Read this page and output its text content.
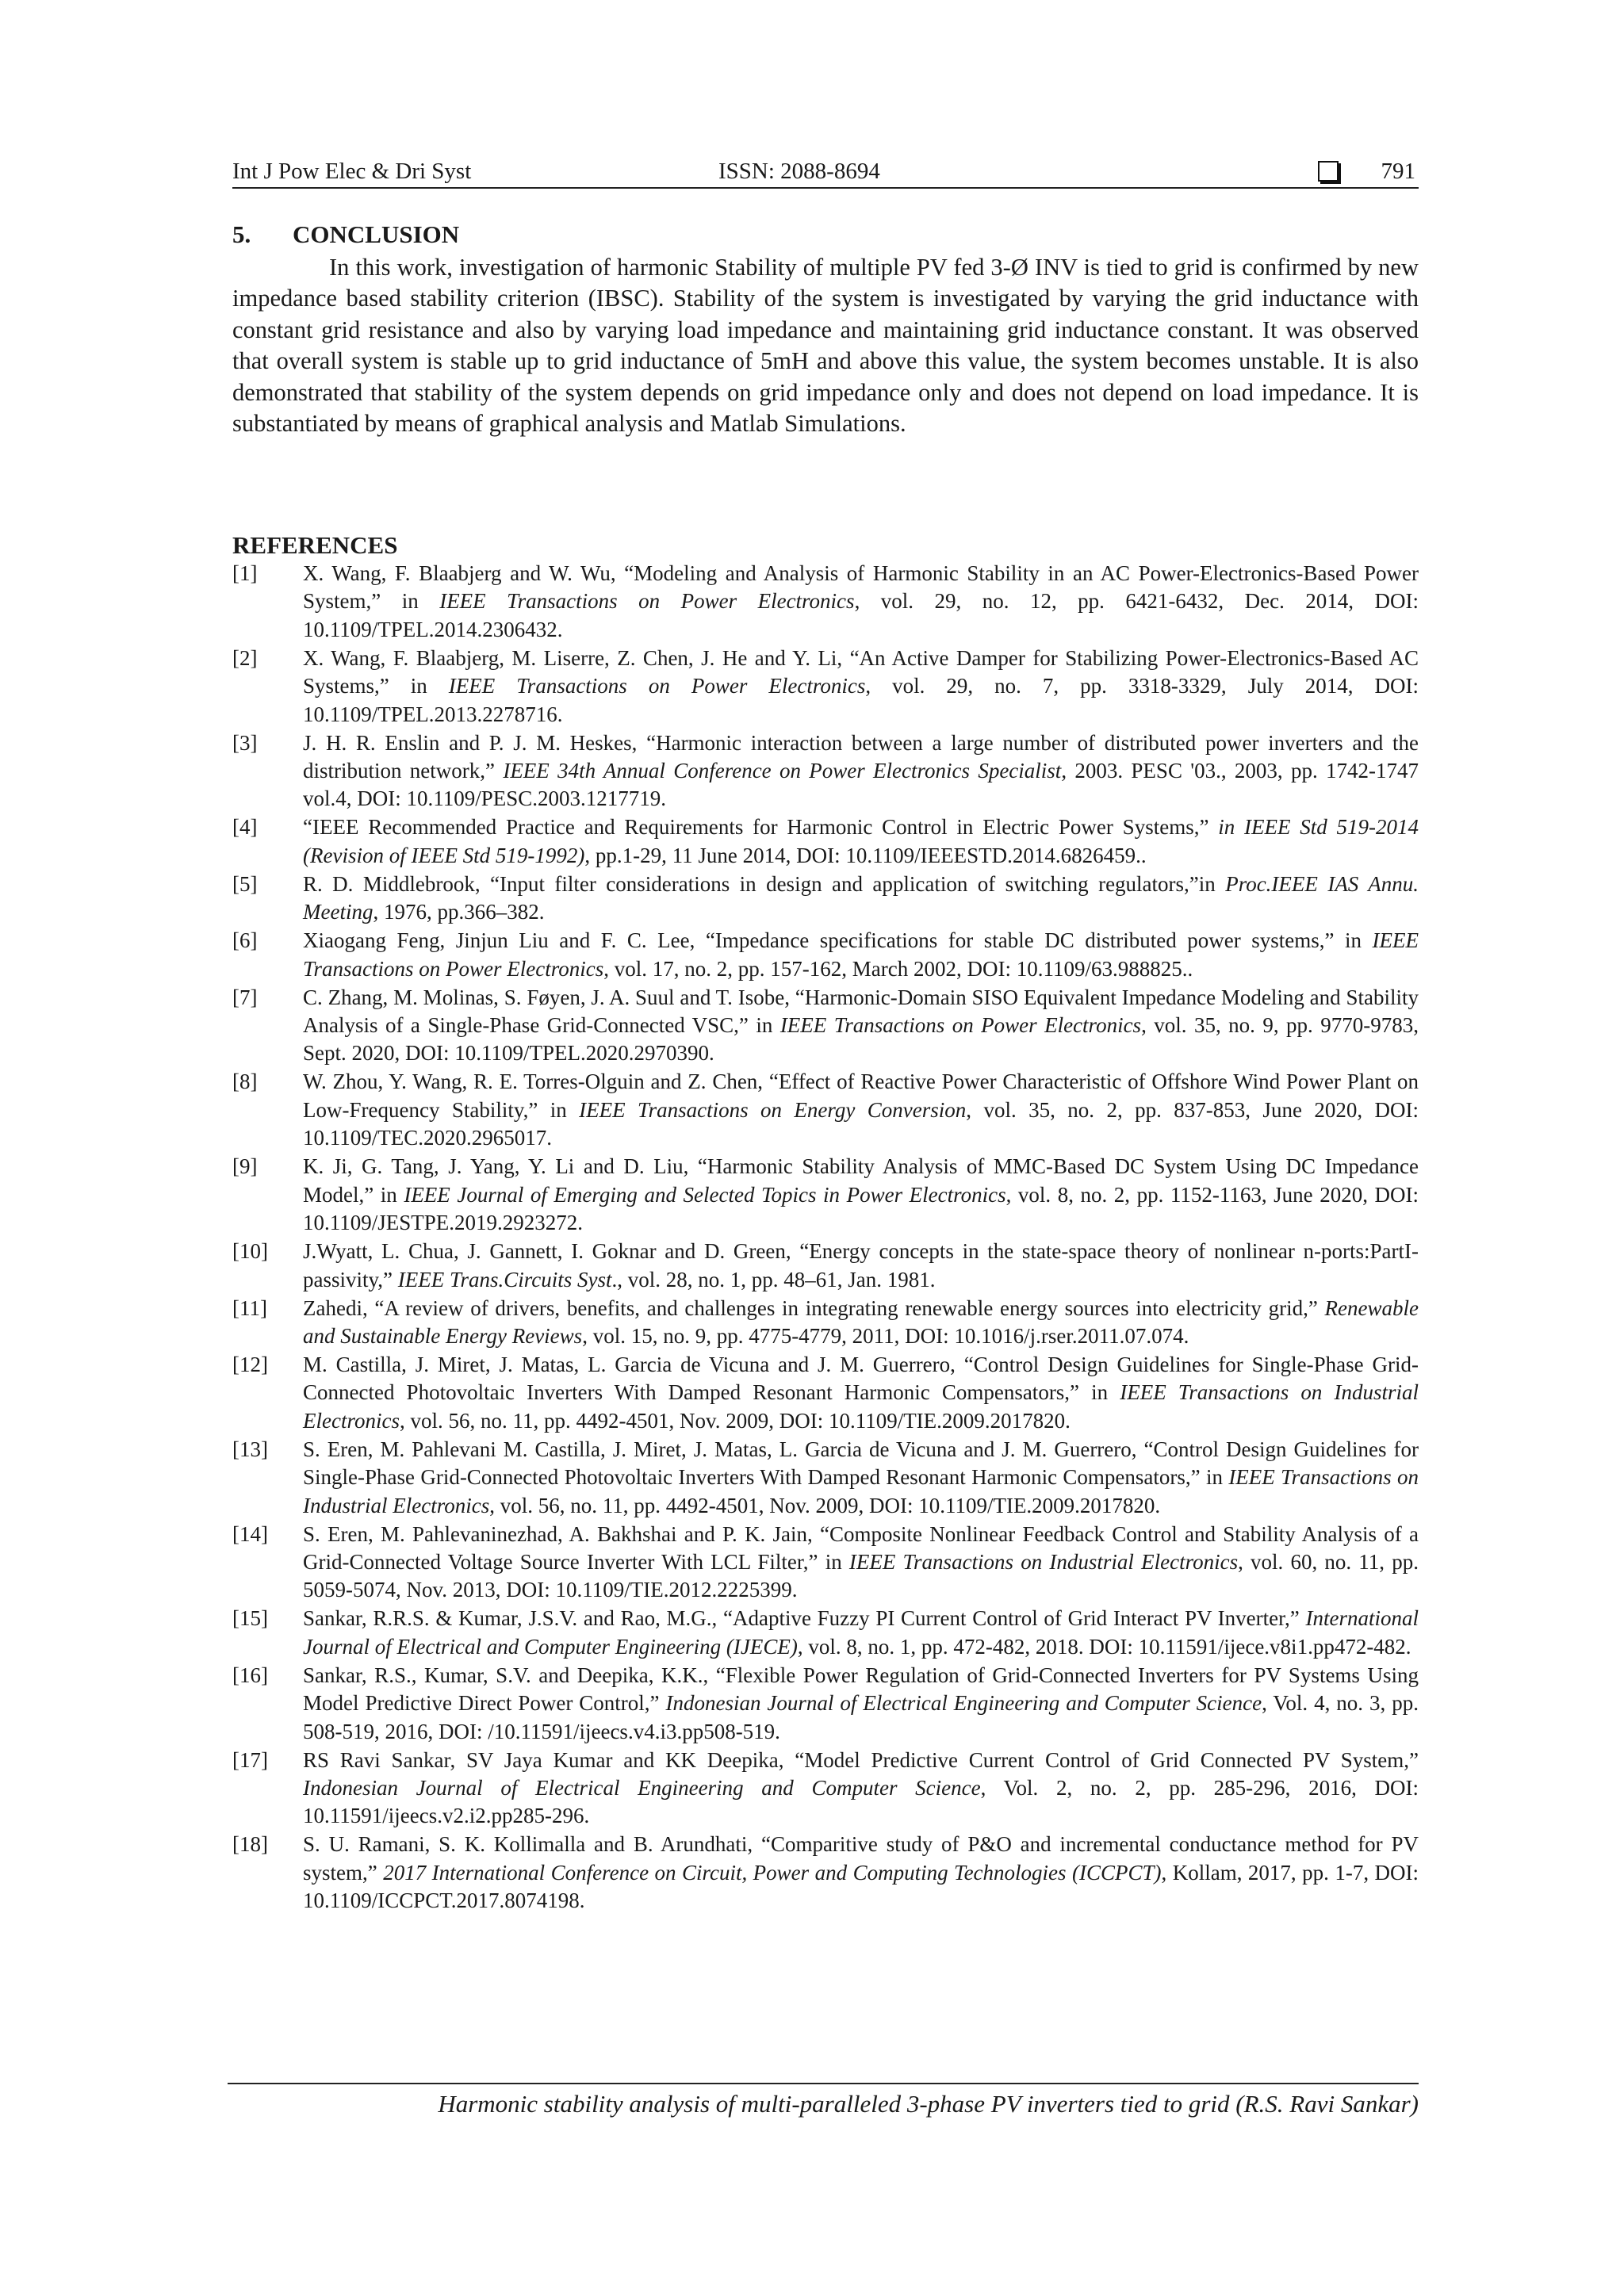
Int J Pow Elec & Dri Syst	ISSN: 2088-8694	791
5. CONCLUSION

In this work, investigation of harmonic Stability of multiple PV fed 3-Ø INV is tied to grid is confirmed by new impedance based stability criterion (IBSC). Stability of the system is investigated by varying the grid inductance with constant grid resistance and also by varying load impedance and maintaining grid inductance constant. It was observed that overall system is stable up to grid inductance of 5mH and above this value, the system becomes unstable. It is also demonstrated that stability of the system depends on grid impedance only and does not depend on load impedance. It is substantiated by means of graphical analysis and Matlab Simulations.

REFERENCES
[1] X. Wang, F. Blaabjerg and W. Wu, “Modeling and Analysis of Harmonic Stability in an AC Power-Electronics-Based Power System,” in IEEE Transactions on Power Electronics, vol. 29, no. 12, pp. 6421-6432, Dec. 2014, DOI: 10.1109/TPEL.2014.2306432.
[2] X. Wang, F. Blaabjerg, M. Liserre, Z. Chen, J. He and Y. Li, “An Active Damper for Stabilizing Power-Electronics-Based AC Systems,” in IEEE Transactions on Power Electronics, vol. 29, no. 7, pp. 3318-3329, July 2014, DOI: 10.1109/TPEL.2013.2278716.
[3] J. H. R. Enslin and P. J. M. Heskes, “Harmonic interaction between a large number of distributed power inverters and the distribution network,” IEEE 34th Annual Conference on Power Electronics Specialist, 2003. PESC '03., 2003, pp. 1742-1747 vol.4, DOI: 10.1109/PESC.2003.1217719.
[4] “IEEE Recommended Practice and Requirements for Harmonic Control in Electric Power Systems,” in IEEE Std 519-2014 (Revision of IEEE Std 519-1992), pp.1-29, 11 June 2014, DOI: 10.1109/IEEESTD.2014.6826459..
[5] R. D. Middlebrook, “Input filter considerations in design and application of switching regulators,”in Proc.IEEE IAS Annu. Meeting, 1976, pp.366–382.
[6] Xiaogang Feng, Jinjun Liu and F. C. Lee, “Impedance specifications for stable DC distributed power systems,” in IEEE Transactions on Power Electronics, vol. 17, no. 2, pp. 157-162, March 2002, DOI: 10.1109/63.988825..
[7] C. Zhang, M. Molinas, S. Føyen, J. A. Suul and T. Isobe, “Harmonic-Domain SISO Equivalent Impedance Modeling and Stability Analysis of a Single-Phase Grid-Connected VSC,” in IEEE Transactions on Power Electronics, vol. 35, no. 9, pp. 9770-9783, Sept. 2020, DOI: 10.1109/TPEL.2020.2970390.
[8] W. Zhou, Y. Wang, R. E. Torres-Olguin and Z. Chen, “Effect of Reactive Power Characteristic of Offshore Wind Power Plant on Low-Frequency Stability,” in IEEE Transactions on Energy Conversion, vol. 35, no. 2, pp. 837-853, June 2020, DOI: 10.1109/TEC.2020.2965017.
[9] K. Ji, G. Tang, J. Yang, Y. Li and D. Liu, “Harmonic Stability Analysis of MMC-Based DC System Using DC Impedance Model,” in IEEE Journal of Emerging and Selected Topics in Power Electronics, vol. 8, no. 2, pp. 1152-1163, June 2020, DOI: 10.1109/JESTPE.2019.2923272.
[10] J.Wyatt, L. Chua, J. Gannett, I. Goknar and D. Green, “Energy concepts in the state-space theory of nonlinear n-ports:PartI-passivity,” IEEE Trans.Circuits Syst., vol. 28, no. 1, pp. 48–61, Jan. 1981.
[11] Zahedi, “A review of drivers, benefits, and challenges in integrating renewable energy sources into electricity grid,” Renewable and Sustainable Energy Reviews, vol. 15, no. 9, pp. 4775-4779, 2011, DOI: 10.1016/j.rser.2011.07.074.
[12] M. Castilla, J. Miret, J. Matas, L. Garcia de Vicuna and J. M. Guerrero, “Control Design Guidelines for Single-Phase Grid-Connected Photovoltaic Inverters With Damped Resonant Harmonic Compensators,” in IEEE Transactions on Industrial Electronics, vol. 56, no. 11, pp. 4492-4501, Nov. 2009, DOI: 10.1109/TIE.2009.2017820.
[13] S. Eren, M. Pahlevani M. Castilla, J. Miret, J. Matas, L. Garcia de Vicuna and J. M. Guerrero, “Control Design Guidelines for Single-Phase Grid-Connected Photovoltaic Inverters With Damped Resonant Harmonic Compensators,” in IEEE Transactions on Industrial Electronics, vol. 56, no. 11, pp. 4492-4501, Nov. 2009, DOI: 10.1109/TIE.2009.2017820.
[14] S. Eren, M. Pahlevaninezhad, A. Bakhshai and P. K. Jain, “Composite Nonlinear Feedback Control and Stability Analysis of a Grid-Connected Voltage Source Inverter With LCL Filter,” in IEEE Transactions on Industrial Electronics, vol. 60, no. 11, pp. 5059-5074, Nov. 2013, DOI: 10.1109/TIE.2012.2225399.
[15] Sankar, R.R.S. & Kumar, J.S.V. and Rao, M.G., “Adaptive Fuzzy PI Current Control of Grid Interact PV Inverter,” International Journal of Electrical and Computer Engineering (IJECE), vol. 8, no. 1, pp. 472-482, 2018. DOI: 10.11591/ijece.v8i1.pp472-482.
[16] Sankar, R.S., Kumar, S.V. and Deepika, K.K., “Flexible Power Regulation of Grid-Connected Inverters for PV Systems Using Model Predictive Direct Power Control,” Indonesian Journal of Electrical Engineering and Computer Science, Vol. 4, no. 3, pp. 508-519, 2016, DOI: /10.11591/ijeecs.v4.i3.pp508-519.
[17] RS Ravi Sankar, SV Jaya Kumar and KK Deepika, “Model Predictive Current Control of Grid Connected PV System,” Indonesian Journal of Electrical Engineering and Computer Science, Vol. 2, no. 2, pp. 285-296, 2016, DOI: 10.11591/ijeecs.v2.i2.pp285-296.
[18] S. U. Ramani, S. K. Kollimalla and B. Arundhati, “Comparitive study of P&O and incremental conductance method for PV system,” 2017 International Conference on Circuit, Power and Computing Technologies (ICCPCT), Kollam, 2017, pp. 1-7, DOI: 10.1109/ICCPCT.2017.8074198.
Harmonic stability analysis of multi-paralleled 3-phase PV inverters tied to grid (R.S. Ravi Sankar)
